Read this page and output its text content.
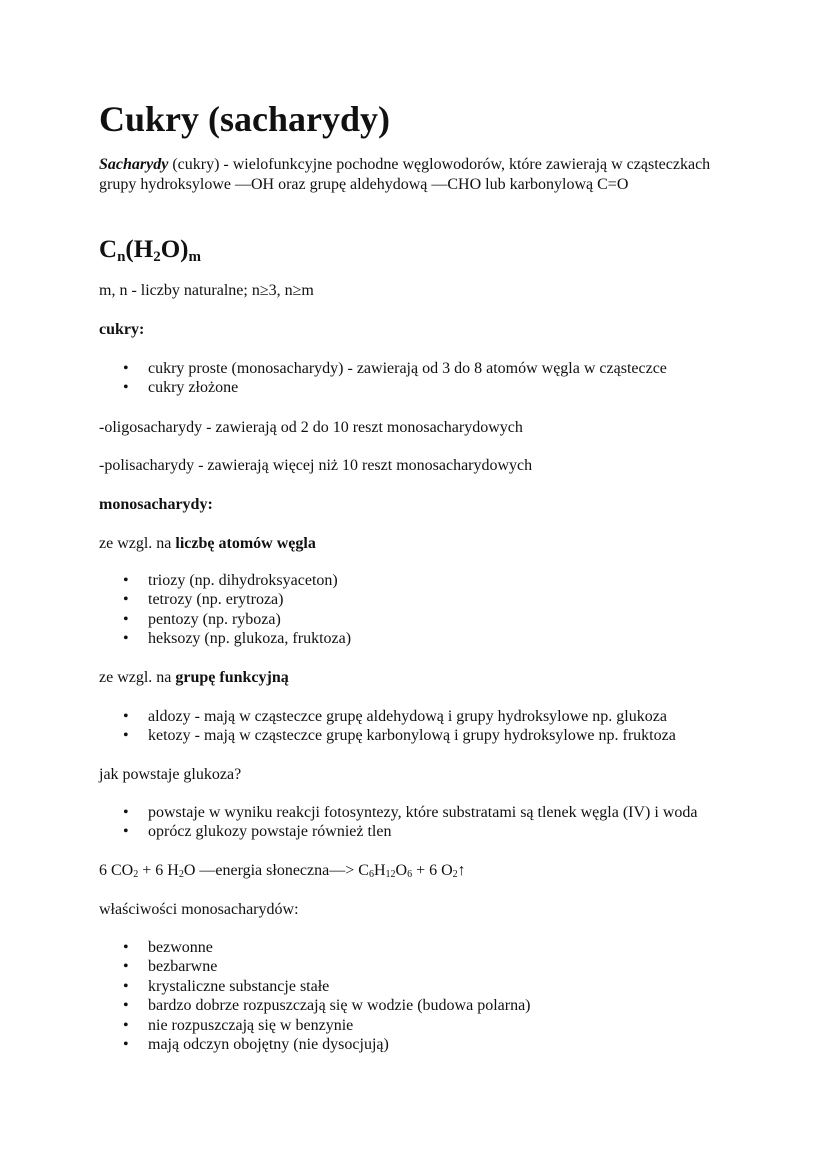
Cukry (sacharydy)
Sacharydy (cukry) - wielofunkcyjne pochodne węglowodorów, które zawierają w cząsteczkach grupy hydroksylowe —OH oraz grupę aldehydową —CHO lub karbonylową C=O
$C_n(H_2O)_m$
m, n - liczby naturalne; n≥3, n≥m
cukry:
• cukry proste (monosacharydy) - zawierają od 3 do 8 atomów węgla w cząsteczce
• cukry złożone
-oligosacharydy - zawierają od 2 do 10 reszt monosacharydowych
-polisacharydy - zawierają więcej niż 10 reszt monosacharydowych
monosacharydy:
ze wzgl. na liczbę atomów węgla
• triozy (np. dihydroksyaceton)
• tetrozy (np. erytroza)
• pentozy (np. ryboza)
• heksozy (np. glukoza, fruktoza)
ze wzgl. na grupę funkcyjną
• aldozy - mają w cząsteczce grupę aldehydową i grupy hydroksylowe np. glukoza
• ketozy - mają w cząsteczce grupę karbonylową i grupy hydroksylowe np. fruktoza
jak powstaje glukoza?
• powstaje w wyniku reakcji fotosyntezy, które substratami są tlenek węgla (IV) i woda
• oprócz glukozy powstaje również tlen
6 $CO_2 + 6$ $H_2O$ —energia słoneczna—> $C_6H_{12}O_6 + 6$ $O_2↑$
właściwości monosacharydów:
• bezwonne
• bezbarwne
• krystaliczne substancje stałe
• bardzo dobrze rozpuszczają się w wodzie (budowa polarna)
• nie rozpuszczają się w benzynie
• mają odczyn obojętny (nie dysocjują)
